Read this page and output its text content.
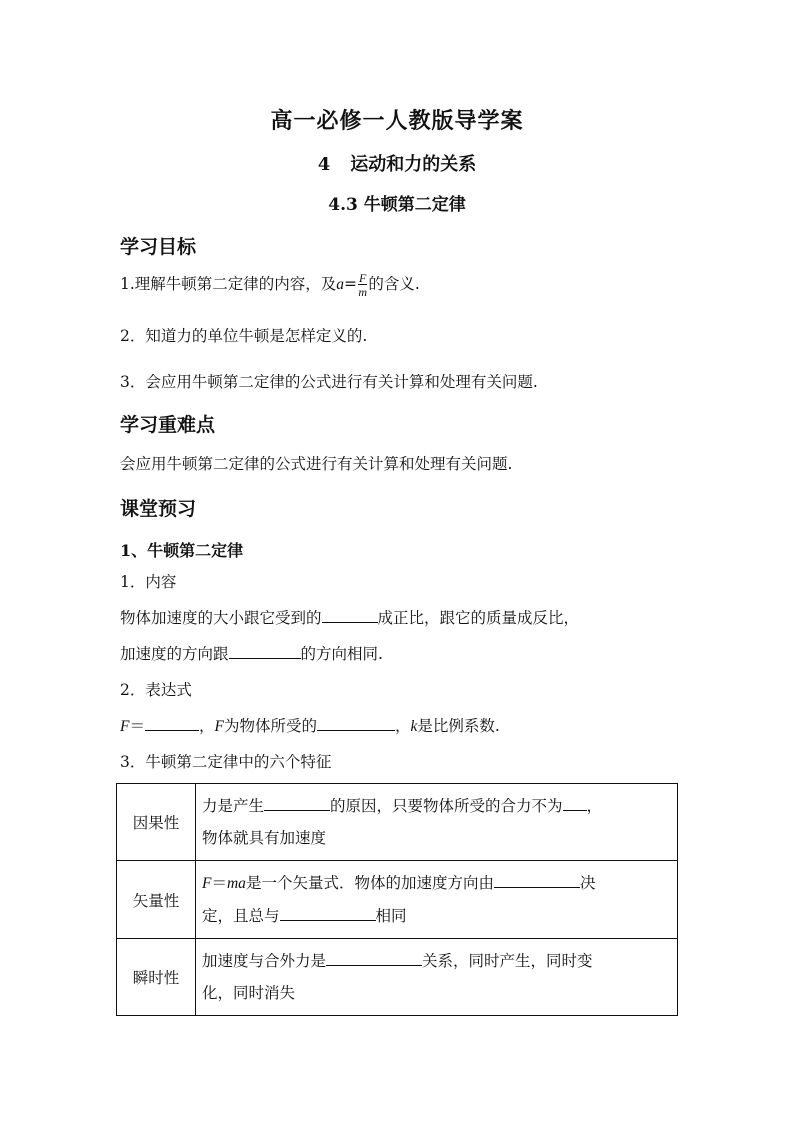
高一必修一人教版导学案
4 运动和力的关系
4.3 牛顿第二定律
学习目标
1.理解牛顿第二定律的内容，及$a= \frac{F}{m}$ 的含义.
2．知道力的单位牛顿是怎样定义的.
3．会应用牛顿第二定律的公式进行有关计算和处理有关问题.
学习重难点
会应用牛顿第二定律的公式进行有关计算和处理有关问题.
课堂预习
1、牛顿第二定律
1．内容
物体加速度的大小跟它受到的	成正比，跟它的质量成反比，
加速度的方向跟	的方向相同.
2．表达式
F＝	，F为物体所受的	，k是比例系数.
3．牛顿第二定律中的六个特征
因果性	力是产生 的原因，只要物体所受的合力不为 ，
物体就具有加速度
矢量性	F＝ma是一个矢量式．物体的加速度方向由 决
定，且总与 相同
瞬时性	加速度与合外力是 关系，同时产生，同时变
化，同时消失
